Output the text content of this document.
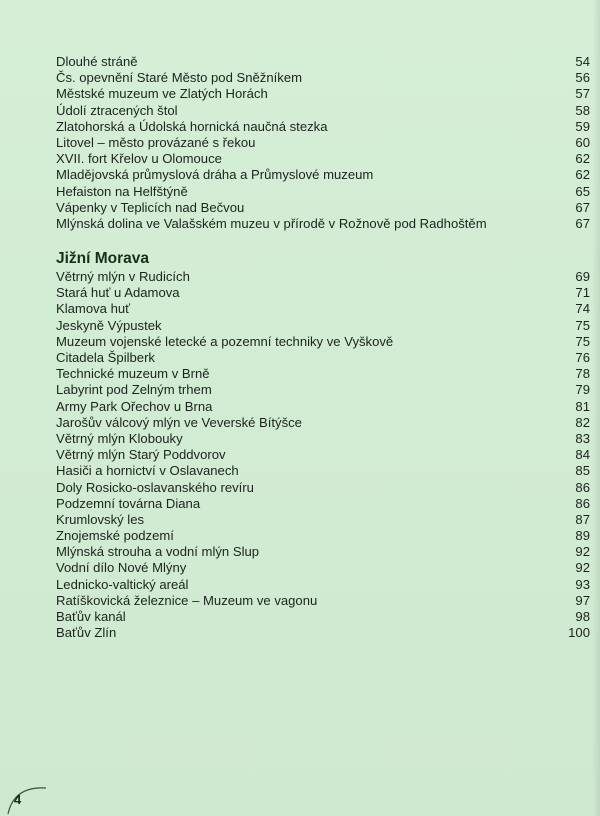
Dlouhé stráně	54
Čs. opevnění Staré Město pod Sněžníkem	56
Městské muzeum ve Zlatých Horách	57
Údolí ztracených štol	58
Zlatohorská a Údolská hornická naučná stezka	59
Litovel – město provázané s řekou	60
XVII. fort Křelov u Olomouce	62
Mladějovská průmyslová dráha a Průmyslové muzeum	62
Hefaiston na Helfštýně	65
Vápenky v Teplicích nad Bečvou	67
Mlýnská dolina ve Valašském muzeu v přírodě v Rožnově pod Radhoštěm	67
Jižní Morava
Větrný mlýn v Rudicích	69
Stará huť u Adamova	71
Klamova huť	74
Jeskyně Výpustek	75
Muzeum vojenské letecké a pozemní techniky ve Vyškově	75
Citadela Špilberk	76
Technické muzeum v Brně	78
Labyrint pod Zelným trhem	79
Army Park Ořechov u Brna	81
Jarošův válcový mlýn ve Veverské Bítýšce	82
Větrný mlýn Klobouky	83
Větrný mlýn Starý Poddvorov	84
Hasiči a hornictví v Oslavanech	85
Doly Rosicko-oslavanského revíru	86
Podzemní továrna Diana	86
Krumlovský les	87
Znojemské podzemí	89
Mlýnská strouha a vodní mlýn Slup	92
Vodní dílo Nové Mlýny	92
Lednicko-valtický areál	93
Ratíškovická železnice – Muzeum ve vagonu	97
Baťův kanál	98
Baťův Zlín	100
4
